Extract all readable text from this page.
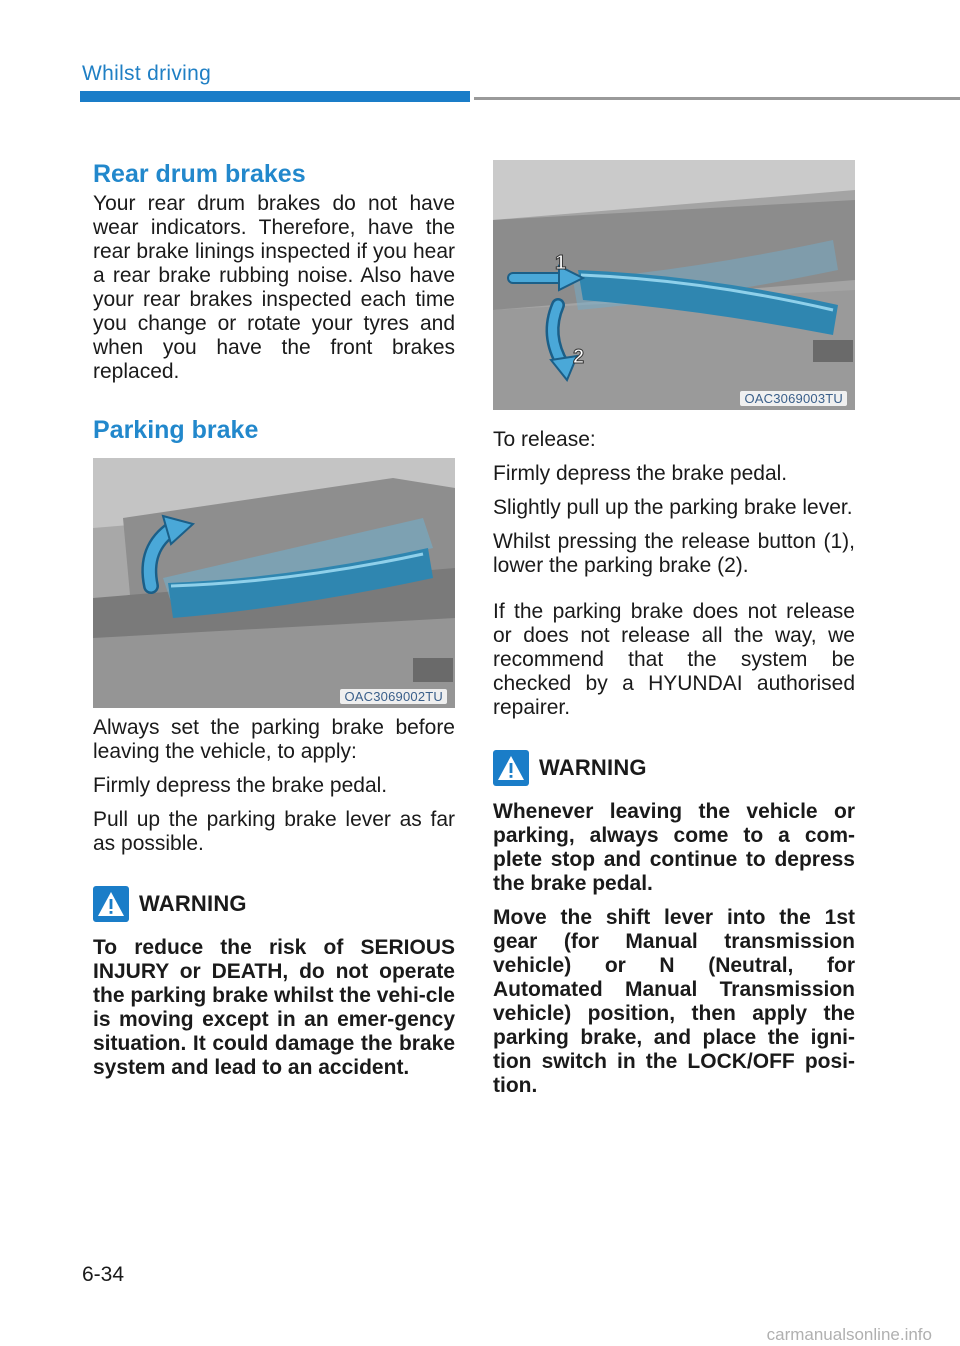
Whilst driving
Rear drum brakes

Your rear drum brakes do not have wear indicators. Therefore, have the rear brake linings inspected if you hear a rear brake rubbing noise. Also have your rear brakes inspected each time you change or rotate your tyres and when you have the front brakes replaced.

Parking brake
OAC3069002TU

Always set the parking brake before leaving the vehicle, to apply:

Firmly depress the brake pedal.

Pull up the parking brake lever as far as possible.

WARNING

To reduce the risk of SERIOUS INJURY or DEATH, do not operate the parking brake whilst the vehi-cle is moving except in an emer-gency situation. It could damage the brake system and lead to an accident.

1
2
OAC3069003TU

To release:

Firmly depress the brake pedal.

Slightly pull up the parking brake lever.

Whilst pressing the release button (1), lower the parking brake (2).

If the parking brake does not release or does not release all the way, we recommend that the system be checked by a HYUNDAI authorised repairer.

WARNING

Whenever leaving the vehicle or parking, always come to a com-plete stop and continue to depress the brake pedal.

Move the shift lever into the 1st gear (for Manual transmission vehicle) or N (Neutral, for Automated Manual Transmission vehicle) position, then apply the parking brake, and place the igni-tion switch in the LOCK/OFF posi-tion.

6-34
carmanualsonline.info
